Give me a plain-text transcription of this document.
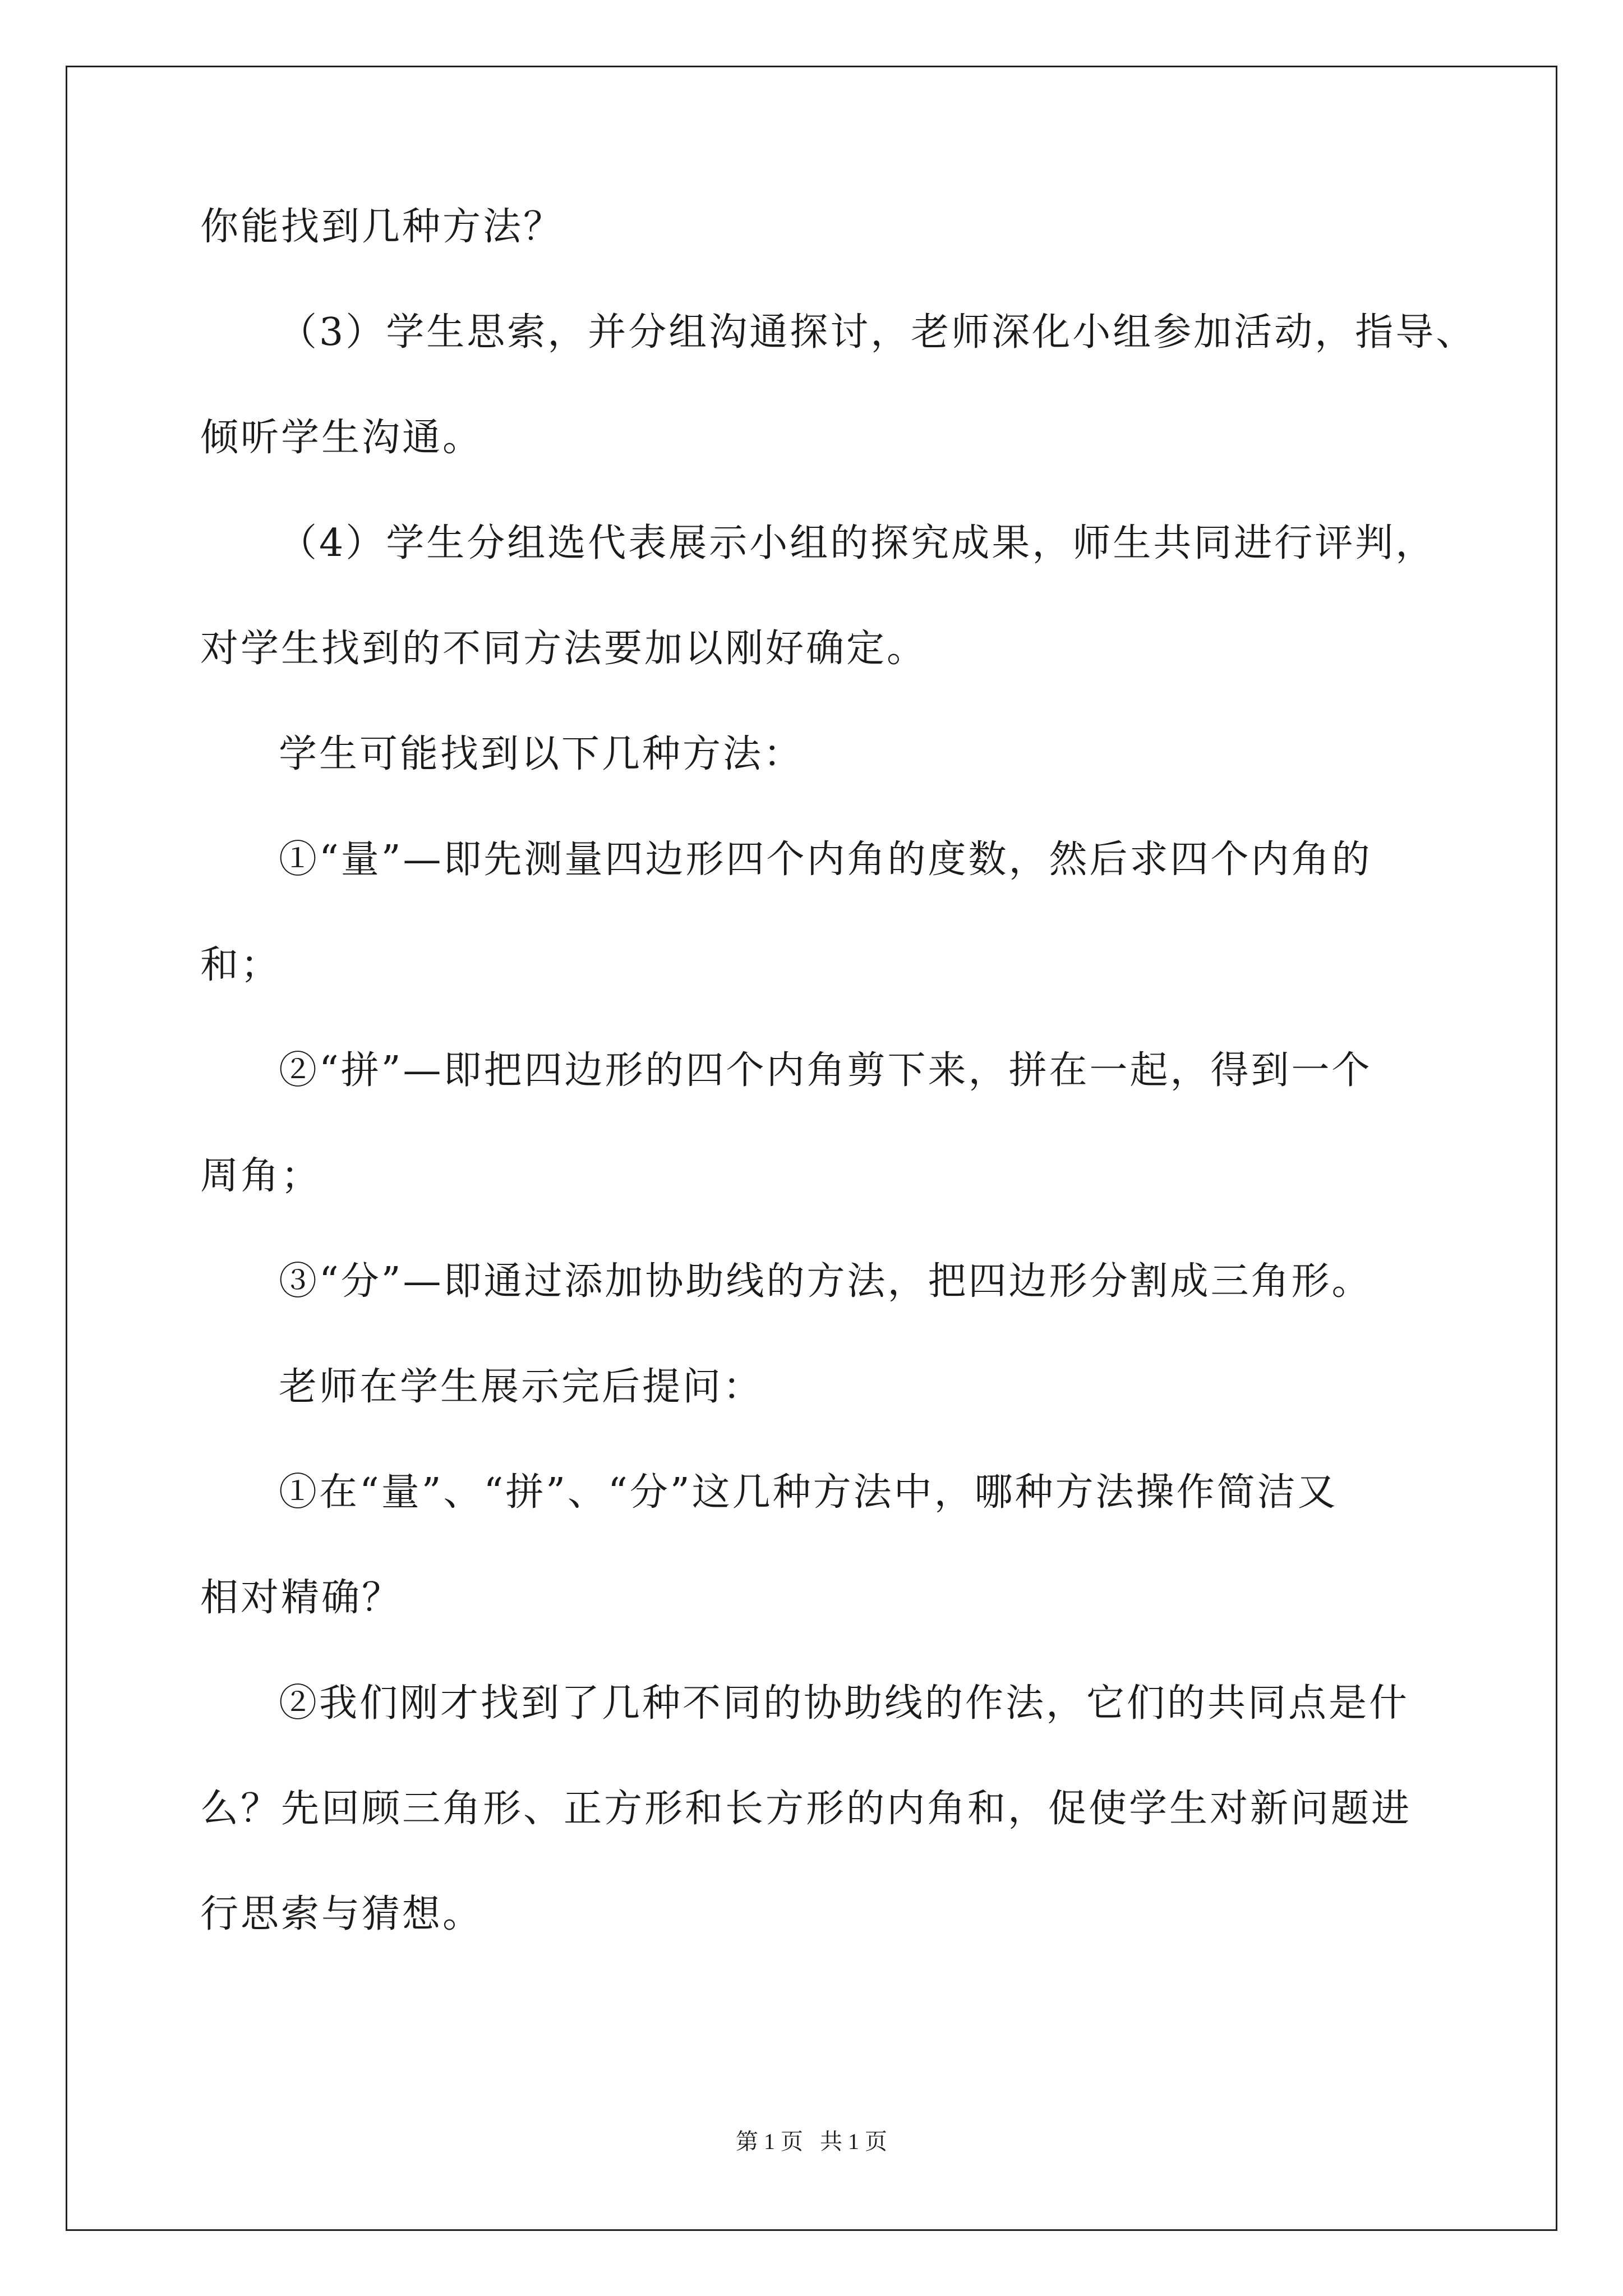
你能找到几种方法？
（3）学生思索，并分组沟通探讨，老师深化小组参加活动，指导、
倾听学生沟通。
（4）学生分组选代表展示小组的探究成果，师生共同进行评判，
对学生找到的不同方法要加以刚好确定。
学生可能找到以下几种方法：
①“量”—即先测量四边形四个内角的度数，然后求四个内角的
和；
②“拼”—即把四边形的四个内角剪下来，拼在一起，得到一个
周角；
③“分”—即通过添加协助线的方法，把四边形分割成三角形。
老师在学生展示完后提问：
①在“量”、“拼”、“分”这几种方法中，哪种方法操作简洁又
相对精确？
②我们刚才找到了几种不同的协助线的作法，它们的共同点是什
么？先回顾三角形、正方形和长方形的内角和，促使学生对新问题进
行思索与猜想。
第 1 页   共 1 页
